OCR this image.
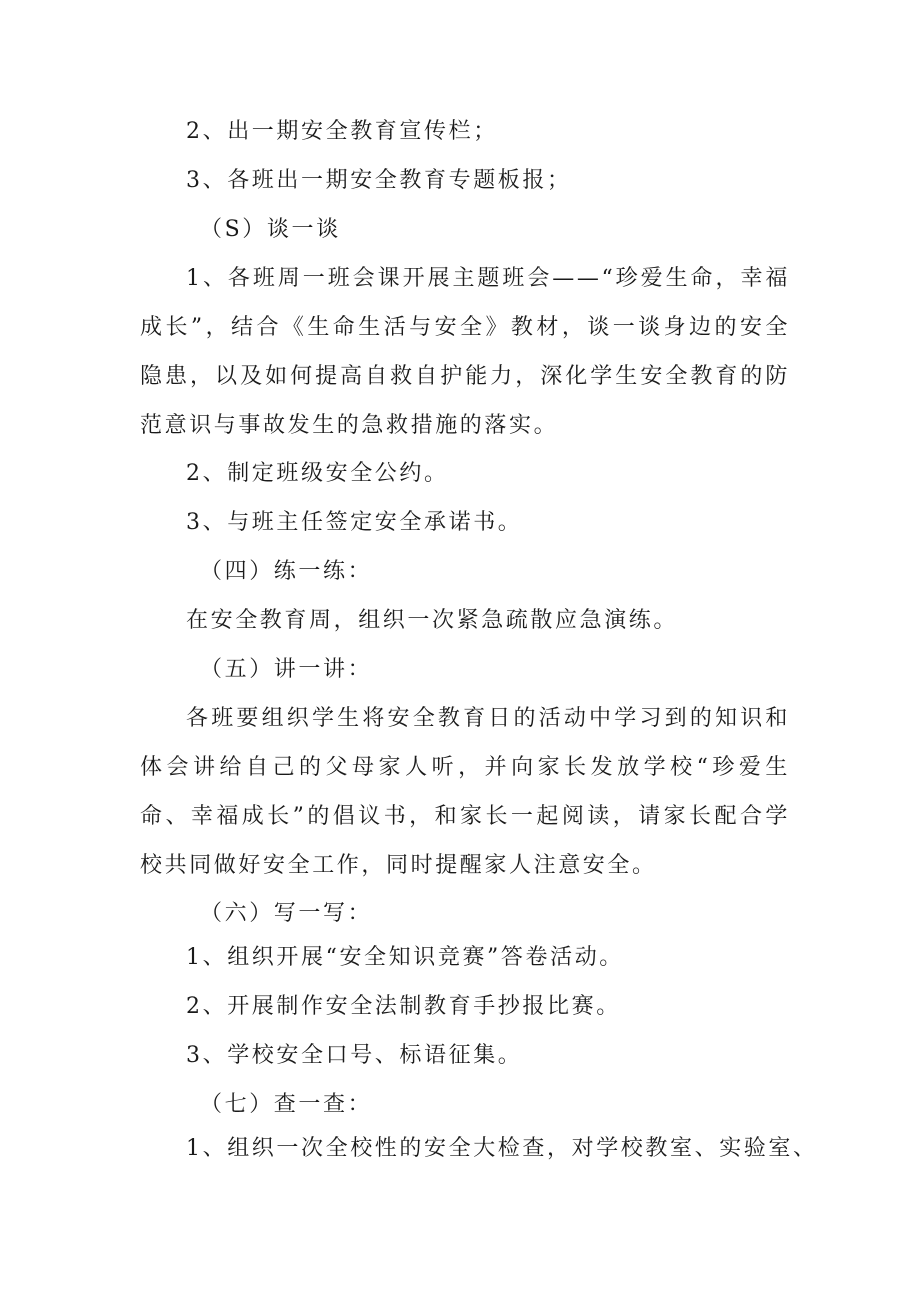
2、出一期安全教育宣传栏；
3、各班出一期安全教育专题板报；
（S）谈一谈
1、各班周一班会课开展主题班会——“珍爱生命，幸福成长”，结合《生命生活与安全》教材，谈一谈身边的安全隐患，以及如何提高自救自护能力，深化学生安全教育的防范意识与事故发生的急救措施的落实。
2、制定班级安全公约。
3、与班主任签定安全承诺书。
（四）练一练：
在安全教育周，组织一次紧急疏散应急演练。
（五）讲一讲：
各班要组织学生将安全教育日的活动中学习到的知识和体会讲给自己的父母家人听，并向家长发放学校“珍爱生命、幸福成长”的倡议书，和家长一起阅读，请家长配合学校共同做好安全工作，同时提醒家人注意安全。
（六）写一写：
1、组织开展“安全知识竞赛”答卷活动。
2、开展制作安全法制教育手抄报比赛。
3、学校安全口号、标语征集。
（七）查一查：
1、组织一次全校性的安全大检查，对学校教室、实验室、
